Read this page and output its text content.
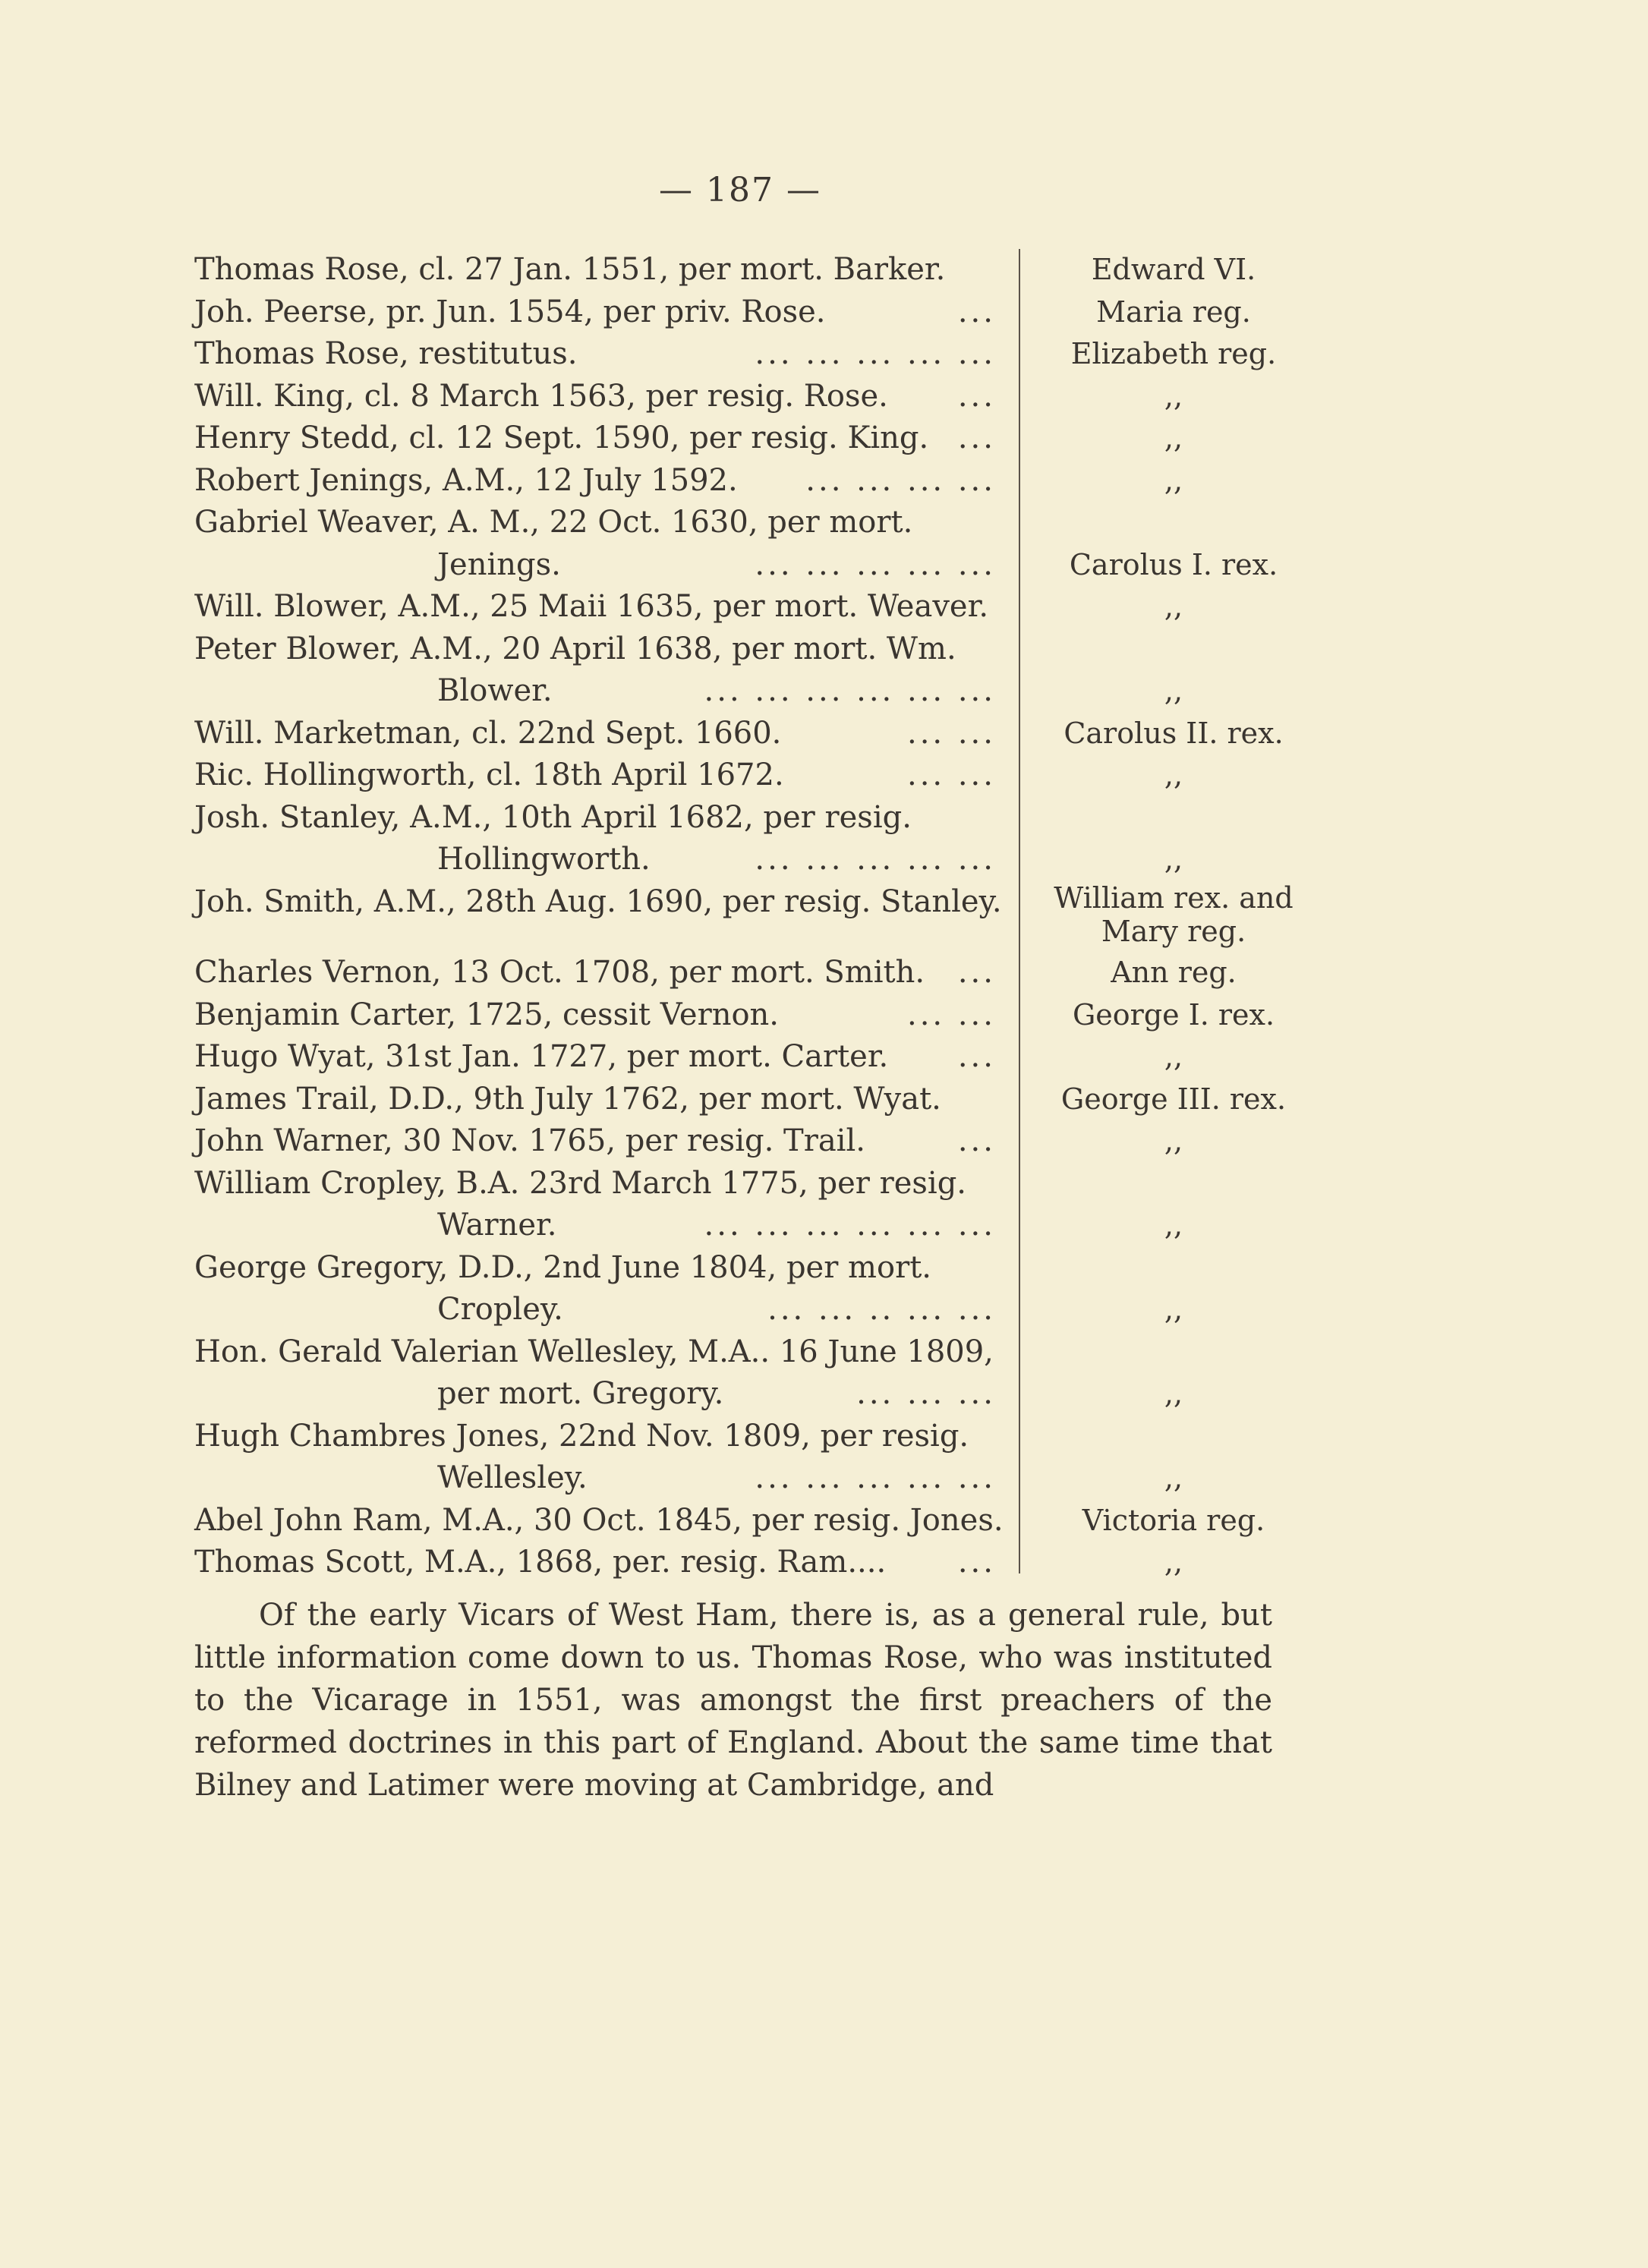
— 187 —
Thomas Rose, cl. 27 Jan. 1551, per mort. Barker.	Edward VI.
Joh. Peerse, pr. Jun. 1554, per priv. Rose.	...	Maria reg.
Thomas Rose, restitutus.	... ... ... ... ...	Elizabeth reg.
Will. King, cl. 8 March 1563, per resig. Rose.	...	,,
Henry Stedd, cl. 12 Sept. 1590, per resig. King. ...	,,
Robert Jenings, A.M., 12 July 1592.	... ... ... ...	,,
Gabriel Weaver, A. M., 22 Oct. 1630, per mort.
Jenings.	... ... ... ... ...	Carolus I. rex.
Will. Blower, A.M., 25 Maii 1635, per mort. Weaver.	,,
Peter Blower, A.M., 20 April 1638, per mort. Wm.
Blower.	... ... ... ... ... ...	,,
Will. Marketman, cl. 22nd Sept. 1660.	... ...	Carolus II. rex.
Ric. Hollingworth, cl. 18th April 1672.	... ...	,,
Josh. Stanley, A.M., 10th April 1682, per resig.
Hollingworth.	... ... ... ... ...	,,
Joh. Smith, A.M., 28th Aug. 1690, per resig. Stanley.	William rex. and Mary reg.
Charles Vernon, 13 Oct. 1708, per mort. Smith.	...	Ann reg.
Benjamin Carter, 1725, cessit Vernon.	... ...	George I. rex.
Hugo Wyat, 31st Jan. 1727, per mort. Carter.	...	,,
James Trail, D.D., 9th July 1762, per mort. Wyat.	George III. rex.
John Warner, 30 Nov. 1765, per resig. Trail.	...	,,
William Cropley, B.A. 23rd March 1775, per resig.
Warner.	... ... ... ... ... ...	,,
George Gregory, D.D., 2nd June 1804, per mort.
Cropley.	... ... .. ... ...	,,
Hon. Gerald Valerian Wellesley, M.A.. 16 June 1809,
per mort. Gregory.	... ... ...	,,
Hugh Chambres Jones, 22nd Nov. 1809, per resig.
Wellesley.	... ... ... ... ...	,,
Abel John Ram, M.A., 30 Oct. 1845, per resig. Jones.	Victoria reg.
Thomas Scott, M.A., 1868, per. resig. Ram....	...	,,
Of the early Vicars of West Ham, there is, as a general rule, but little information come down to us. Thomas Rose, who was instituted to the Vicarage in 1551, was amongst the first preachers of the reformed doctrines in this part of England. About the same time that Bilney and Latimer were moving at Cambridge, and
